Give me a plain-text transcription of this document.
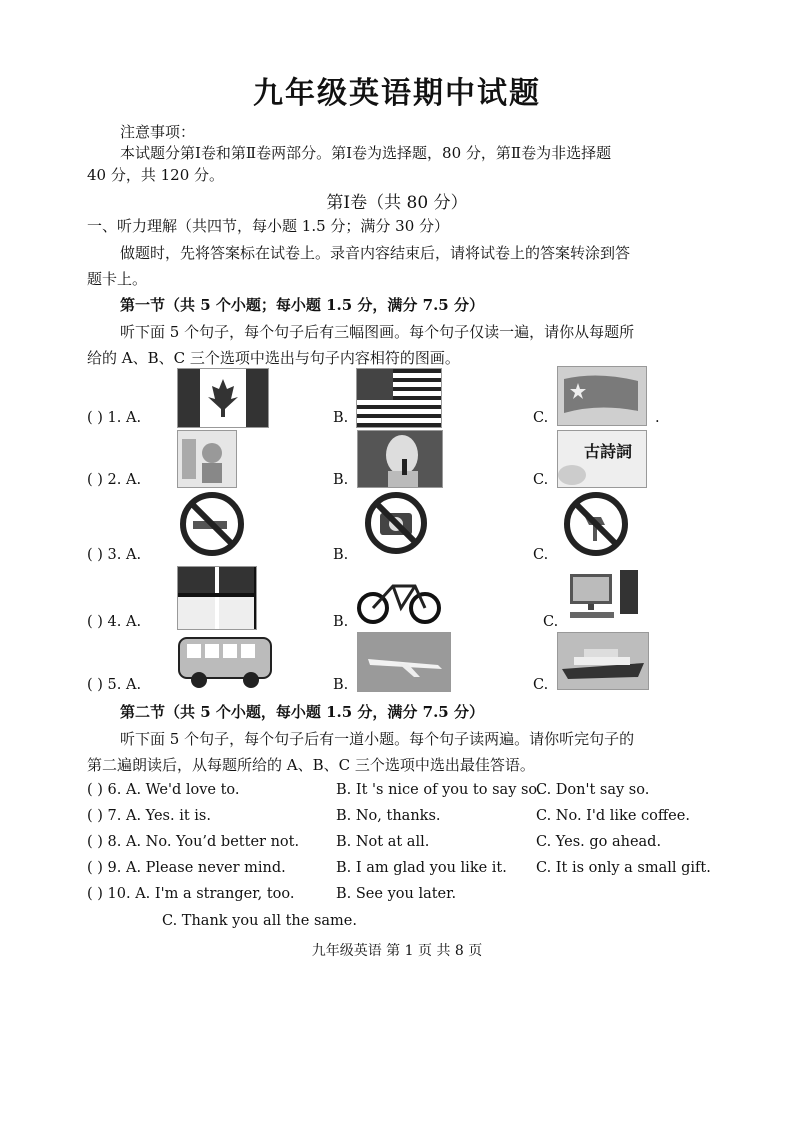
九年级英语期中试题
注意事项：
本试题分第Ⅰ卷和第Ⅱ卷两部分。第Ⅰ卷为选择题，80 分，第Ⅱ卷为非选择题
40 分，共 120 分。
第Ⅰ卷（共 80 分）
一、听力理解（共四节，每小题 1.5 分；满分 30 分）
做题时，先将答案标在试卷上。录音内容结束后，请将试卷上的答案转涂到答
题卡上。
第一节（共 5 个小题；每小题 1.5 分，满分 7.5 分）
听下面 5 个句子，每个句子后有三幅图画。每个句子仅读一遍，请你从每题所
给的 A、B、C 三个选项中选出与句子内容相符的图画。
( ) 1. A.	B.	C.	.
( ) 2. A.	B.	C.
古詩詞
( ) 3. A.	B.	C.
( ) 4. A.	B.	C.
( ) 5. A.	B.	C.
第二节（共 5 个小题，每小题 1.5 分，满分 7.5 分）
听下面 5 个句子，每个句子后有一道小题。每个句子读两遍。请你听完句子的
第二遍朗读后，从每题所给的 A、B、C 三个选项中选出最佳答语。
( ) 6. A. We'd love to.	B. It 's nice of you to say so.
C. Don't say so.
( ) 7. A. Yes. it is.	B. No, thanks.	C. No. I'd like coffee.
( ) 8. A. No. You’d better not.	B. Not at all.	C. Yes. go ahead.
( ) 9. A. Please never mind.	B. I am glad you like it. C. It is only a small gift.
( ) 10. A. I'm a stranger, too.	B. See you later.
C. Thank you all the same.
九年级英语 第 1 页 共 8 页
